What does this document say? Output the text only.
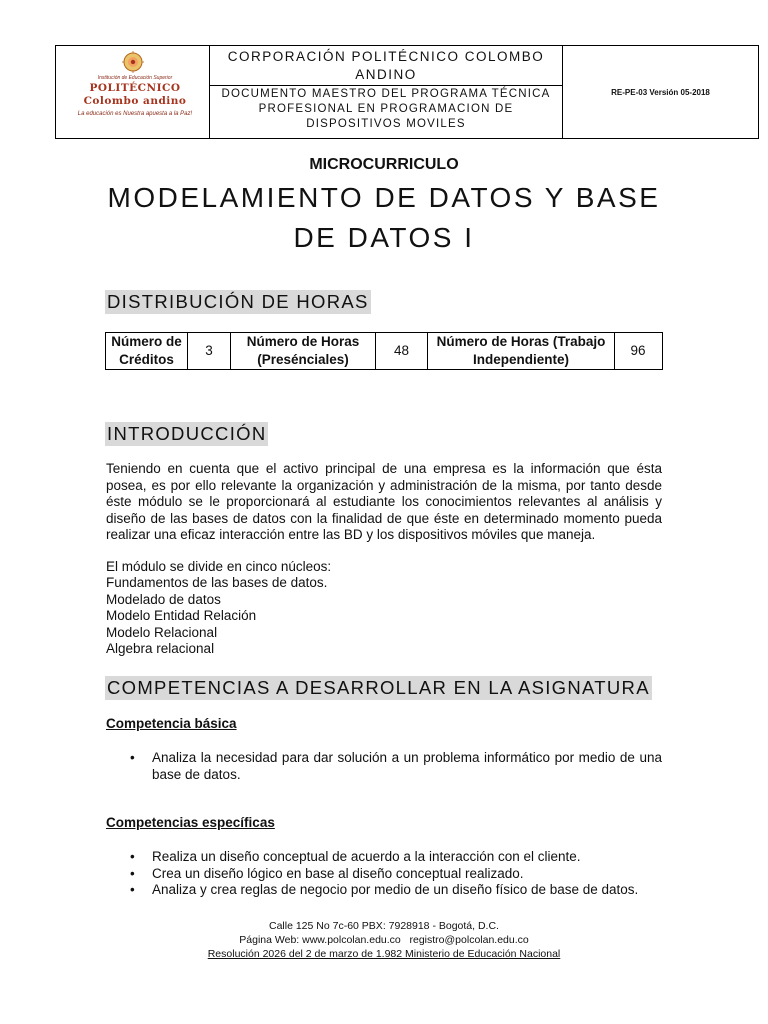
Institución de Educación Superior
POLITÉCNICO
Colombo andino
La educación es Nuestra apuesta a la Paz!
CORPORACIÓN POLITÉCNICO COLOMBO ANDINO
DOCUMENTO MAESTRO DEL PROGRAMA TÉCNICA PROFESIONAL EN PROGRAMACION DE DISPOSITIVOS MOVILES
RE-PE-03 Versión 05-2018
MICROCURRICULO
MODELAMIENTO DE DATOS Y BASE DE DATOS I
DISTRIBUCIÓN DE HORAS
Número de Créditos
3
Número de Horas (Presénciales)
48
Número de Horas (Trabajo Independiente)
96
INTRODUCCIÓN
Teniendo en cuenta que el activo principal de una empresa es la información que ésta posea, es por ello relevante la organización y administración de la misma, por tanto desde éste módulo se le proporcionará al estudiante los conocimientos relevantes al análisis y diseño de las bases de datos con la finalidad de que éste en determinado momento pueda realizar una eficaz interacción entre las BD y los dispositivos móviles que maneja.
El módulo se divide en cinco núcleos:
Fundamentos de las bases de datos.
Modelado de datos
Modelo Entidad Relación
Modelo Relacional
Algebra relacional
COMPETENCIAS A DESARROLLAR EN LA ASIGNATURA
Competencia básica
• Analiza la necesidad para dar solución a un problema informático por medio de una base de datos.
Competencias específicas
• Realiza un diseño conceptual de acuerdo a la interacción con el cliente.
• Crea un diseño lógico en base al diseño conceptual realizado.
• Analiza y crea reglas de negocio por medio de un diseño físico de base de datos.
Calle 125 No 7c-60 PBX: 7928918 - Bogotá, D.C.
Página Web: www.polcolan.edu.co   registro@polcolan.edu.co
Resolución 2026 del 2 de marzo de 1.982 Ministerio de Educación Nacional
